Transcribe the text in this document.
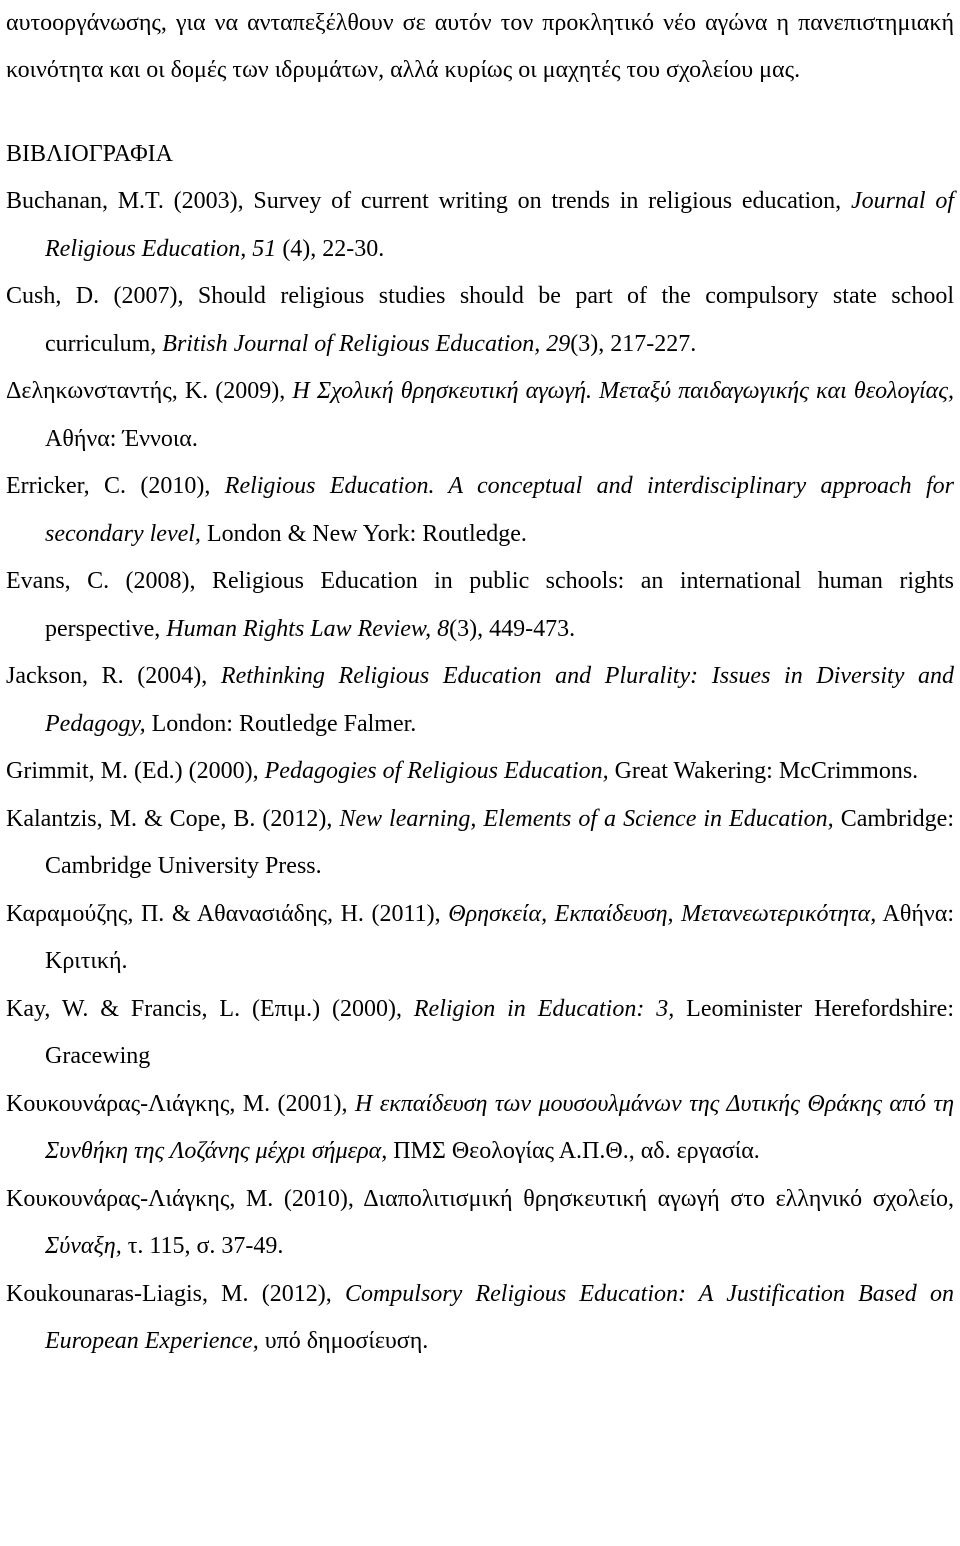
αυτοοργάνωσης, για να ανταπεξέλθουν σε αυτόν τον προκλητικό νέο αγώνα η πανεπιστημιακή κοινότητα και οι δομές των ιδρυμάτων, αλλά κυρίως οι μαχητές του σχολείου μας.

ΒΙΒΛΙΟΓΡΑΦΙΑ

Buchanan, M.T. (2003), Survey of current writing on trends in religious education, Journal of Religious Education, 51 (4), 22-30.

Cush, D. (2007), Should religious studies should be part of the compulsory state school curriculum, British Journal of Religious Education, 29(3), 217-227.

Δεληκωνσταντής, Κ. (2009), Η Σχολική θρησκευτική αγωγή. Μεταξύ παιδαγωγικής και θεολογίας, Αθήνα: Έννοια.

Erricker, C. (2010), Religious Education. A conceptual and interdisciplinary approach for secondary level, London & New York: Routledge.

Evans, C. (2008), Religious Education in public schools: an international human rights perspective, Human Rights Law Review, 8(3), 449-473.

Jackson, R. (2004), Rethinking Religious Education and Plurality: Issues in Diversity and Pedagogy, London: Routledge Falmer.

Grimmit, M. (Ed.) (2000), Pedagogies of Religious Education, Great Wakering: McCrimmons.

Kalantzis, M. & Cope, B. (2012), New learning, Elements of a Science in Education, Cambridge: Cambridge University Press.

Καραμούζης, Π. & Αθανασιάδης, Η. (2011), Θρησκεία, Εκπαίδευση, Μετανεωτερικότητα, Αθήνα: Κριτική.

Kay, W. & Francis, L. (Επιμ.) (2000), Religion in Education: 3, Leominister Herefordshire: Gracewing

Κουκουνάρας-Λιάγκης, Μ. (2001), Η εκπαίδευση των μουσουλμάνων της Δυτικής Θράκης από τη Συνθήκη της Λοζάνης μέχρι σήμερα, ΠΜΣ Θεολογίας Α.Π.Θ., αδ. εργασία.

Κουκουνάρας-Λιάγκης, Μ. (2010), Διαπολιτισμική θρησκευτική αγωγή στο ελληνικό σχολείο, Σύναξη, τ. 115, σ. 37-49.

Koukounaras-Liagis, M. (2012), Compulsory Religious Education: A Justification Based on European Experience, υπό δημοσίευση.
